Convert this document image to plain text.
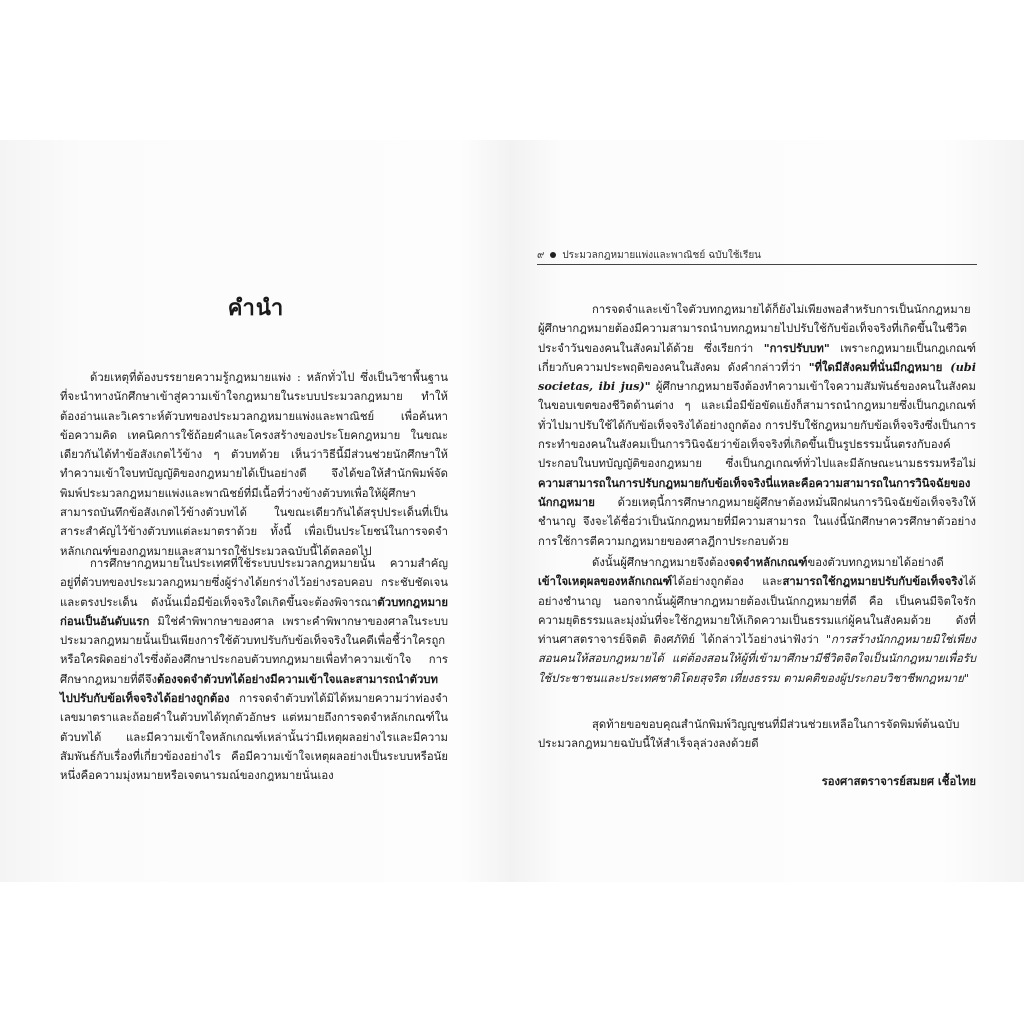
คำนำ

ด้วยเหตุที่ต้องบรรยายความรู้กฎหมายแพ่ง : หลักทั่วไป ซึ่งเป็นวิชาพื้นฐานที่จะนำทางนักศึกษาเข้าสู่ความเข้าใจกฎหมายในระบบประมวลกฎหมาย ทำให้ต้องอ่านและวิเคราะห์ตัวบทของประมวลกฎหมายแพ่งและพาณิชย์ เพื่อค้นหาข้อความคิด เทคนิคการใช้ถ้อยคำและโครงสร้างของประโยคกฎหมาย ในขณะเดียวกันได้ทำข้อสังเกตไว้ข้าง ๆ ตัวบทด้วย เห็นว่าวิธีนี้มีส่วนช่วยนักศึกษาให้ทำความเข้าใจบทบัญญัติของกฎหมายได้เป็นอย่างดี จึงได้ขอให้สำนักพิมพ์จัดพิมพ์ประมวลกฎหมายแพ่งและพาณิชย์ที่มีเนื้อที่ว่างข้างตัวบทเพื่อให้ผู้ศึกษาสามารถบันทึกข้อสังเกตไว้ข้างตัวบทได้ ในขณะเดียวกันได้สรุปประเด็นที่เป็นสาระสำคัญไว้ข้างตัวบทแต่ละมาตราด้วย ทั้งนี้ เพื่อเป็นประโยชน์ในการจดจำหลักเกณฑ์ของกฎหมายและสามารถใช้ประมวลฉบับนี้ได้ตลอดไป

การศึกษากฎหมายในประเทศที่ใช้ระบบประมวลกฎหมายนั้น ความสำคัญอยู่ที่ตัวบทของประมวลกฎหมายซึ่งผู้ร่างได้ยกร่างไว้อย่างรอบคอบ กระชับชัดเจนและตรงประเด็น ดังนั้นเมื่อมีข้อเท็จจริงใดเกิดขึ้นจะต้องพิจารณาตัวบทกฎหมายก่อนเป็นอันดับแรก มิใช่คำพิพากษาของศาล เพราะคำพิพากษาของศาลในระบบประมวลกฎหมายนั้นเป็นเพียงการใช้ตัวบทปรับกับข้อเท็จจริงในคดีเพื่อชี้ว่าใครถูกหรือใครผิดอย่างไรซึ่งต้องศึกษาประกอบตัวบทกฎหมายเพื่อทำความเข้าใจ การศึกษากฎหมายที่ดีจึงต้องจดจำตัวบทได้อย่างมีความเข้าใจและสามารถนำตัวบทไปปรับกับข้อเท็จจริงได้อย่างถูกต้อง การจดจำตัวบทได้มิได้หมายความว่าท่องจำเลขมาตราและถ้อยคำในตัวบทได้ทุกตัวอักษร แต่หมายถึงการจดจำหลักเกณฑ์ในตัวบทได้ และมีความเข้าใจหลักเกณฑ์เหล่านั้นว่ามีเหตุผลอย่างไรและมีความสัมพันธ์กับเรื่องที่เกี่ยวข้องอย่างไร คือมีความเข้าใจเหตุผลอย่างเป็นระบบหรือนัยหนึ่งคือความมุ่งหมายหรือเจตนารมณ์ของกฎหมายนั่นเอง

๙ ประมวลกฎหมายแพ่งและพาณิชย์ ฉบับใช้เรียน

การจดจำและเข้าใจตัวบทกฎหมายได้ก็ยังไม่เพียงพอสำหรับการเป็นนักกฎหมาย ผู้ศึกษากฎหมายต้องมีความสามารถนำบทกฎหมายไปปรับใช้กับข้อเท็จจริงที่เกิดขึ้นในชีวิตประจำวันของคนในสังคมได้ด้วย ซึ่งเรียกว่า "การปรับบท" เพราะกฎหมายเป็นกฎเกณฑ์เกี่ยวกับความประพฤติของคนในสังคม ดังคำกล่าวที่ว่า "ที่ใดมีสังคมที่นั่นมีกฎหมาย (ubi societas, ibi jus)" ผู้ศึกษากฎหมายจึงต้องทำความเข้าใจความสัมพันธ์ของคนในสังคมในขอบเขตของชีวิตด้านต่าง ๆ และเมื่อมีข้อขัดแย้งก็สามารถนำกฎหมายซึ่งเป็นกฎเกณฑ์ทั่วไปมาปรับใช้ได้กับข้อเท็จจริงได้อย่างถูกต้อง การปรับใช้กฎหมายกับข้อเท็จจริงซึ่งเป็นการกระทำของคนในสังคมเป็นการวินิจฉัยว่าข้อเท็จจริงที่เกิดขึ้นเป็นรูปธรรมนั้นตรงกับองค์ประกอบในบทบัญญัติของกฎหมาย ซึ่งเป็นกฎเกณฑ์ทั่วไปและมีลักษณะนามธรรมหรือไม่ ความสามารถในการปรับกฎหมายกับข้อเท็จจริงนี่แหละคือความสามารถในการวินิจฉัยของนักกฎหมาย ด้วยเหตุนี้การศึกษากฎหมายผู้ศึกษาต้องหมั่นฝึกฝนการวินิจฉัยข้อเท็จจริงให้ชำนาญ จึงจะได้ชื่อว่าเป็นนักกฎหมายที่มีความสามารถ ในแง่นี้นักศึกษาควรศึกษาตัวอย่างการใช้การตีความกฎหมายของศาลฎีกาประกอบด้วย

ดังนั้นผู้ศึกษากฎหมายจึงต้องจดจำหลักเกณฑ์ของตัวบทกฎหมายได้อย่างดี เข้าใจเหตุผลของหลักเกณฑ์ได้อย่างถูกต้อง และสามารถใช้กฎหมายปรับกับข้อเท็จจริงได้อย่างชำนาญ นอกจากนั้นผู้ศึกษากฎหมายต้องเป็นนักกฎหมายที่ดี คือ เป็นคนมีจิตใจรักความยุติธรรมและมุ่งมั่นที่จะใช้กฎหมายให้เกิดความเป็นธรรมแก่ผู้คนในสังคมด้วย ดังที่ท่านศาสตราจารย์จิตติ ติงศภัทิย์ ได้กล่าวไว้อย่างน่าฟังว่า "การสร้างนักกฎหมายมิใช่เพียงสอนคนให้สอบกฎหมายได้ แต่ต้องสอนให้ผู้ที่เข้ามาศึกษามีชีวิตจิตใจเป็นนักกฎหมายเพื่อรับใช้ประชาชนและประเทศชาติโดยสุจริต เที่ยงธรรม ตามคติของผู้ประกอบวิชาชีพกฎหมาย"

สุดท้ายขอขอบคุณสำนักพิมพ์วิญญูชนที่มีส่วนช่วยเหลือในการจัดพิมพ์ต้นฉบับประมวลกฎหมายฉบับนี้ให้สำเร็จลุล่วงลงด้วยดี

รองศาสตราจารย์สมยศ เชื้อไทย
